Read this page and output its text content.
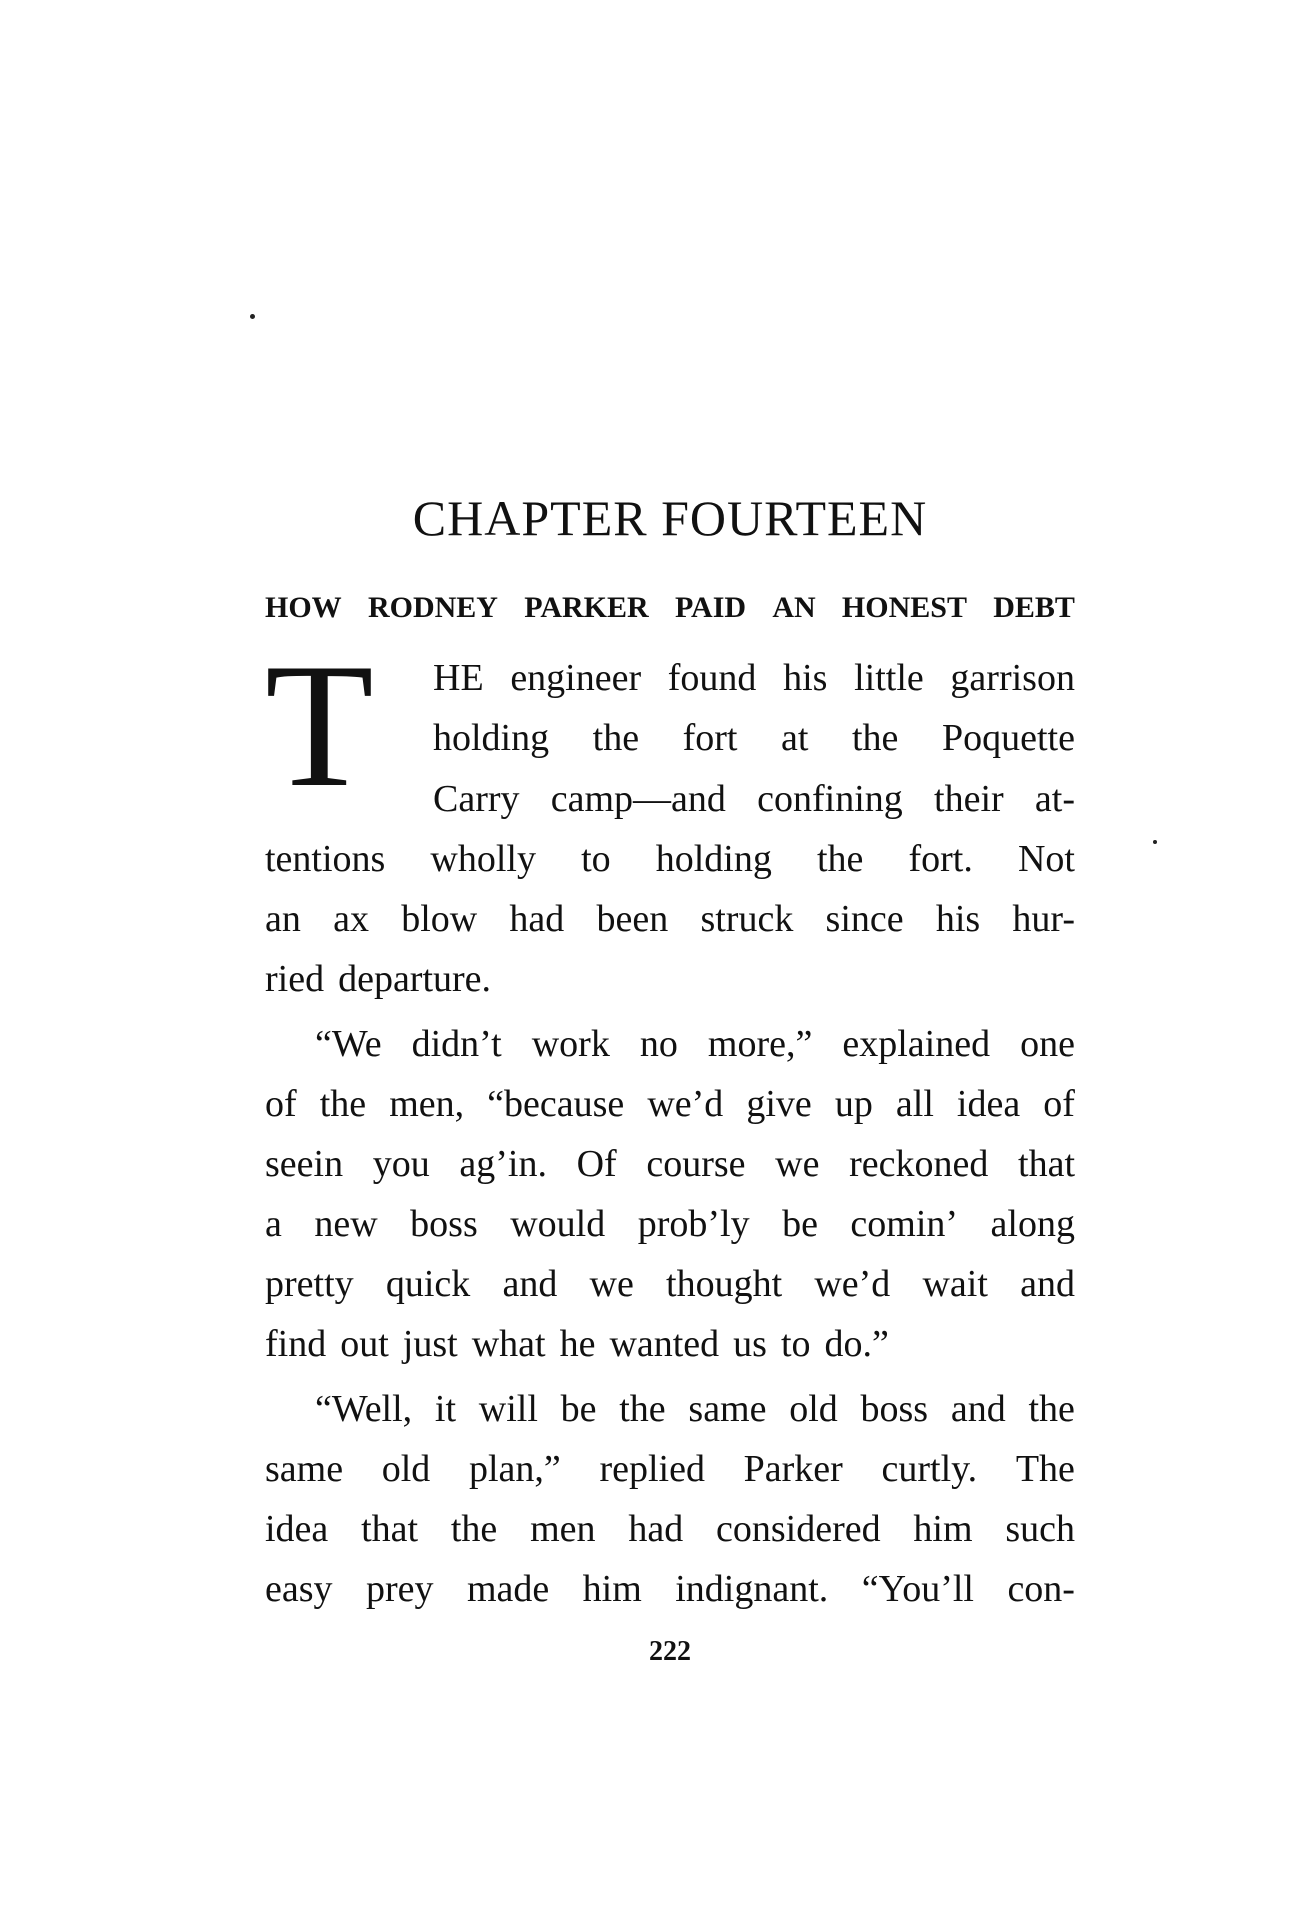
CHAPTER FOURTEEN
HOW RODNEY PARKER PAID AN HONEST DEBT
T	HE engineer found his little garrison
holding the fort at the Poquette
Carry camp—and confining their at-
tentions wholly to holding the fort. Not
an ax blow had been struck since his hur-
ried departure.
“We didn’t work no more,” explained one
of the men, “because we’d give up all idea of
seein you ag’in. Of course we reckoned that
a new boss would prob’ly be comin’ along
pretty quick and we thought we’d wait and
find out just what he wanted us to do.”
“Well, it will be the same old boss and the
same old plan,” replied Parker curtly. The
idea that the men had considered him such
easy prey made him indignant. “You’ll con-
222
